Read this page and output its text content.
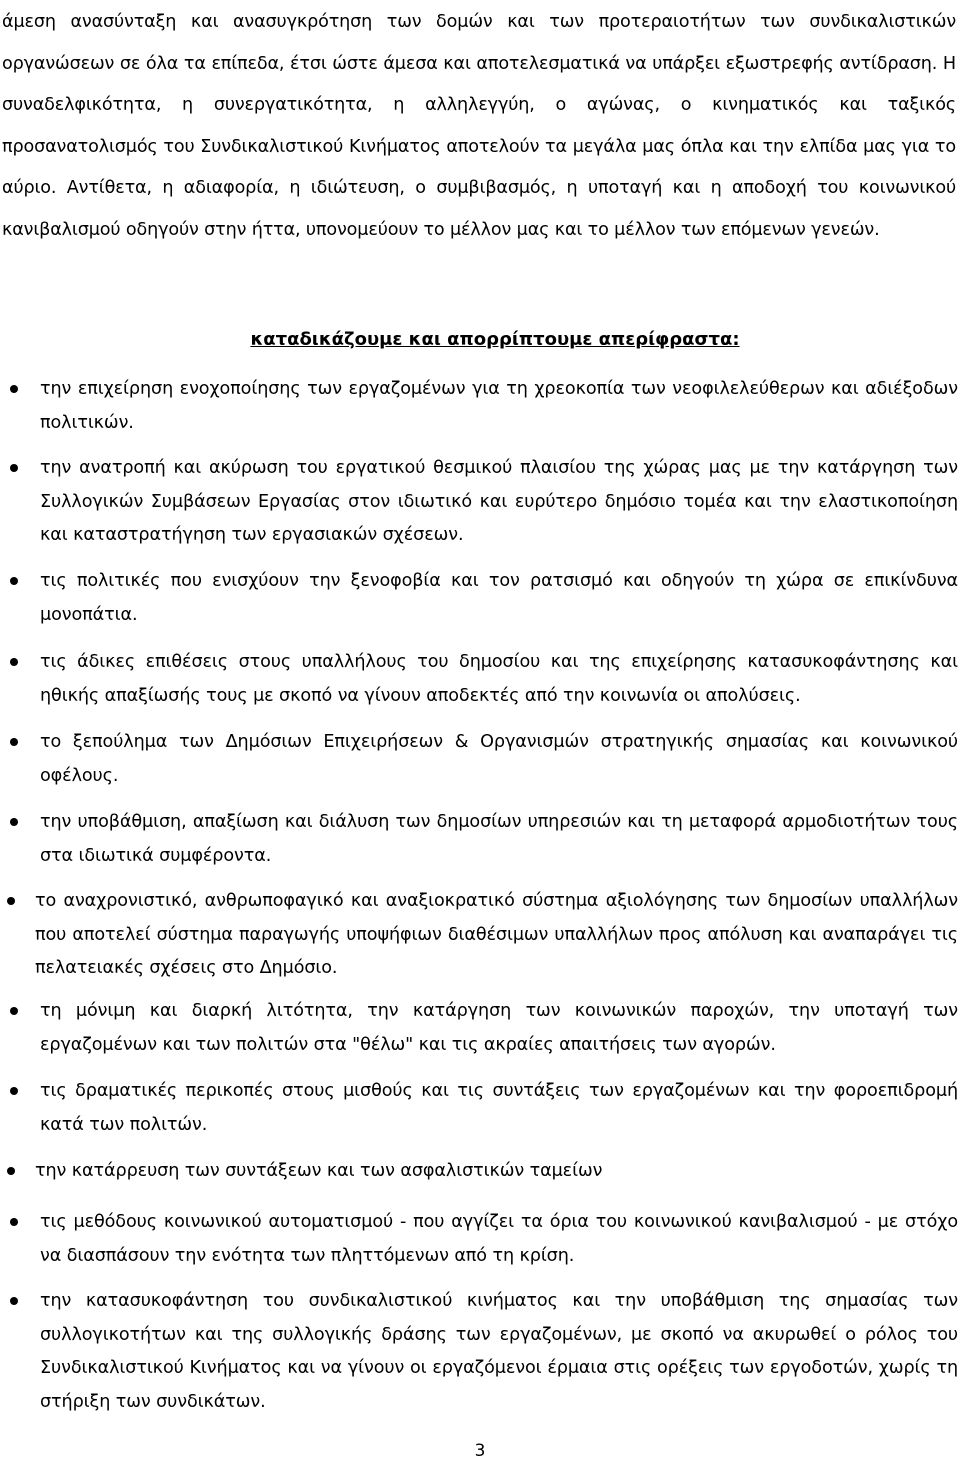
άμεση ανασύνταξη και ανασυγκρότηση των δομών και των προτεραιοτήτων των συνδικαλιστικών οργανώσεων σε όλα τα επίπεδα, έτσι ώστε άμεσα και αποτελεσματικά να υπάρξει εξωστρεφής αντίδραση. Η συναδελφικότητα, η συνεργατικότητα, η αλληλεγγύη, ο αγώνας, ο κινηματικός και ταξικός προσανατολισμός του Συνδικαλιστικού Κινήματος αποτελούν τα μεγάλα μας όπλα και την ελπίδα μας για το αύριο. Αντίθετα, η αδιαφορία, η ιδιώτευση, ο συμβιβασμός, η υποταγή και η αποδοχή του κοινωνικού κανιβαλισμού οδηγούν στην ήττα, υπονομεύουν το μέλλον μας και το μέλλον των επόμενων γενεών.

καταδικάζουμε και απορρίπτουμε απερίφραστα:

την επιχείρηση ενοχοποίησης των εργαζομένων για τη χρεοκοπία των νεοφιλελεύθερων και αδιέξοδων πολιτικών.
την ανατροπή και ακύρωση του εργατικού θεσμικού πλαισίου της χώρας μας με την κατάργηση των Συλλογικών Συμβάσεων Εργασίας στον ιδιωτικό και ευρύτερο δημόσιο τομέα και την ελαστικοποίηση και καταστρατήγηση των εργασιακών σχέσεων.
τις πολιτικές που ενισχύουν την ξενοφοβία και τον ρατσισμό και οδηγούν τη χώρα σε επικίνδυνα μονοπάτια.
τις άδικες επιθέσεις στους υπαλλήλους του δημοσίου και της επιχείρησης κατασυκοφάντησης και ηθικής απαξίωσής τους με σκοπό να γίνουν αποδεκτές από την κοινωνία οι απολύσεις.
το ξεπούλημα των Δημόσιων Επιχειρήσεων & Οργανισμών στρατηγικής σημασίας και κοινωνικού οφέλους.
την υποβάθμιση, απαξίωση και διάλυση των δημοσίων υπηρεσιών και τη μεταφορά αρμοδιοτήτων τους στα ιδιωτικά συμφέροντα.
το αναχρονιστικό, ανθρωποφαγικό και αναξιοκρατικό σύστημα αξιολόγησης των δημοσίων υπαλλήλων που αποτελεί σύστημα παραγωγής υποψήφιων διαθέσιμων υπαλλήλων προς απόλυση και αναπαράγει τις πελατειακές σχέσεις στο Δημόσιο.
τη μόνιμη και διαρκή λιτότητα, την κατάργηση των κοινωνικών παροχών, την υποταγή των εργαζομένων και των πολιτών στα "θέλω" και τις ακραίες απαιτήσεις των αγορών.
τις δραματικές περικοπές στους μισθούς και τις συντάξεις των εργαζομένων και την φοροεπιδρομή κατά των πολιτών.
την κατάρρευση των συντάξεων και των ασφαλιστικών ταμείων
τις μεθόδους κοινωνικού αυτοματισμού - που αγγίζει τα όρια του κοινωνικού κανιβαλισμού - με στόχο να διασπάσουν την ενότητα των πληττόμενων από τη κρίση.
την κατασυκοφάντηση του συνδικαλιστικού κινήματος και την υποβάθμιση της σημασίας των συλλογικοτήτων και της συλλογικής δράσης των εργαζομένων, με σκοπό να ακυρωθεί ο ρόλος του Συνδικαλιστικού Κινήματος και να γίνουν οι εργαζόμενοι έρμαια στις ορέξεις των εργοδοτών, χωρίς τη στήριξη των συνδικάτων.

3
